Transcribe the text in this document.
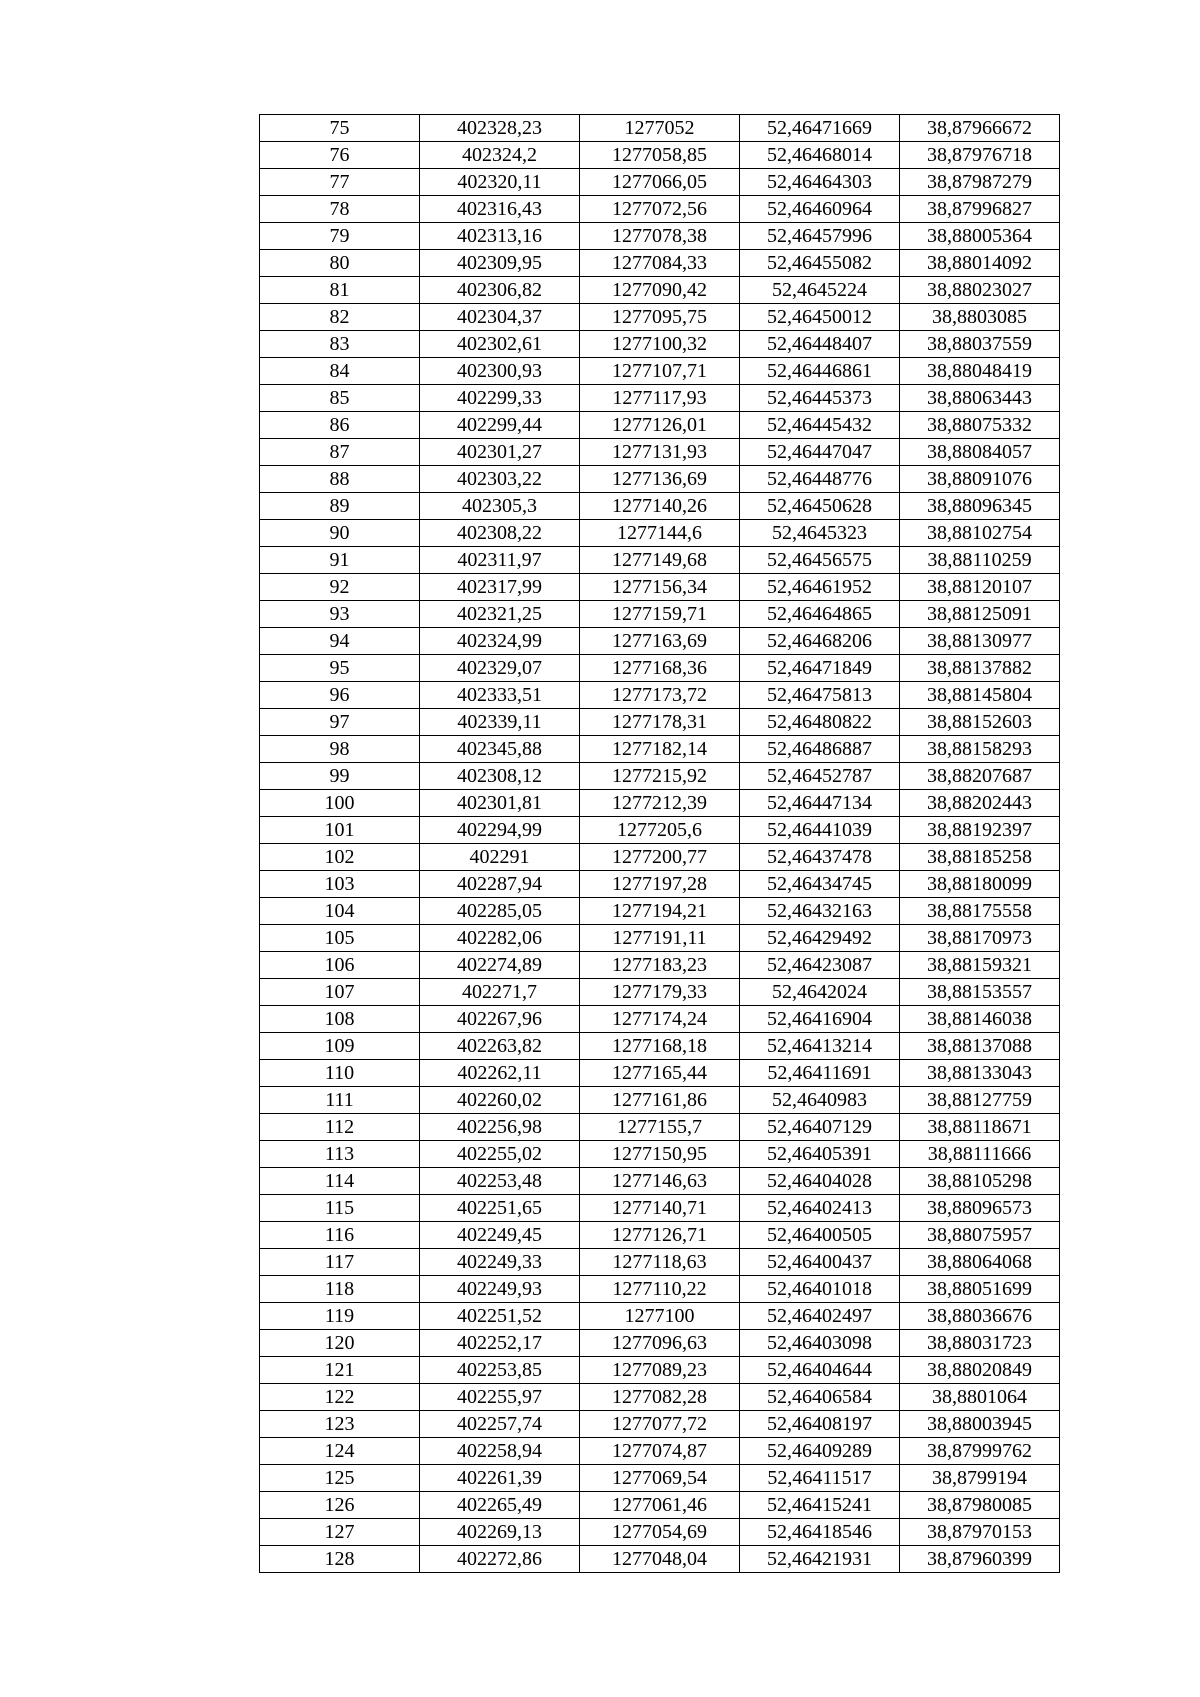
75	402328,23	1277052	52,46471669	38,87966672
76	402324,2	1277058,85	52,46468014	38,87976718
77	402320,11	1277066,05	52,46464303	38,87987279
78	402316,43	1277072,56	52,46460964	38,87996827
79	402313,16	1277078,38	52,46457996	38,88005364
80	402309,95	1277084,33	52,46455082	38,88014092
81	402306,82	1277090,42	52,4645224	38,88023027
82	402304,37	1277095,75	52,46450012	38,8803085
83	402302,61	1277100,32	52,46448407	38,88037559
84	402300,93	1277107,71	52,46446861	38,88048419
85	402299,33	1277117,93	52,46445373	38,88063443
86	402299,44	1277126,01	52,46445432	38,88075332
87	402301,27	1277131,93	52,46447047	38,88084057
88	402303,22	1277136,69	52,46448776	38,88091076
89	402305,3	1277140,26	52,46450628	38,88096345
90	402308,22	1277144,6	52,4645323	38,88102754
91	402311,97	1277149,68	52,46456575	38,88110259
92	402317,99	1277156,34	52,46461952	38,88120107
93	402321,25	1277159,71	52,46464865	38,88125091
94	402324,99	1277163,69	52,46468206	38,88130977
95	402329,07	1277168,36	52,46471849	38,88137882
96	402333,51	1277173,72	52,46475813	38,88145804
97	402339,11	1277178,31	52,46480822	38,88152603
98	402345,88	1277182,14	52,46486887	38,88158293
99	402308,12	1277215,92	52,46452787	38,88207687
100	402301,81	1277212,39	52,46447134	38,88202443
101	402294,99	1277205,6	52,46441039	38,88192397
102	402291	1277200,77	52,46437478	38,88185258
103	402287,94	1277197,28	52,46434745	38,88180099
104	402285,05	1277194,21	52,46432163	38,88175558
105	402282,06	1277191,11	52,46429492	38,88170973
106	402274,89	1277183,23	52,46423087	38,88159321
107	402271,7	1277179,33	52,4642024	38,88153557
108	402267,96	1277174,24	52,46416904	38,88146038
109	402263,82	1277168,18	52,46413214	38,88137088
110	402262,11	1277165,44	52,46411691	38,88133043
111	402260,02	1277161,86	52,4640983	38,88127759
112	402256,98	1277155,7	52,46407129	38,88118671
113	402255,02	1277150,95	52,46405391	38,88111666
114	402253,48	1277146,63	52,46404028	38,88105298
115	402251,65	1277140,71	52,46402413	38,88096573
116	402249,45	1277126,71	52,46400505	38,88075957
117	402249,33	1277118,63	52,46400437	38,88064068
118	402249,93	1277110,22	52,46401018	38,88051699
119	402251,52	1277100	52,46402497	38,88036676
120	402252,17	1277096,63	52,46403098	38,88031723
121	402253,85	1277089,23	52,46404644	38,88020849
122	402255,97	1277082,28	52,46406584	38,8801064
123	402257,74	1277077,72	52,46408197	38,88003945
124	402258,94	1277074,87	52,46409289	38,87999762
125	402261,39	1277069,54	52,46411517	38,8799194
126	402265,49	1277061,46	52,46415241	38,87980085
127	402269,13	1277054,69	52,46418546	38,87970153
128	402272,86	1277048,04	52,46421931	38,87960399
